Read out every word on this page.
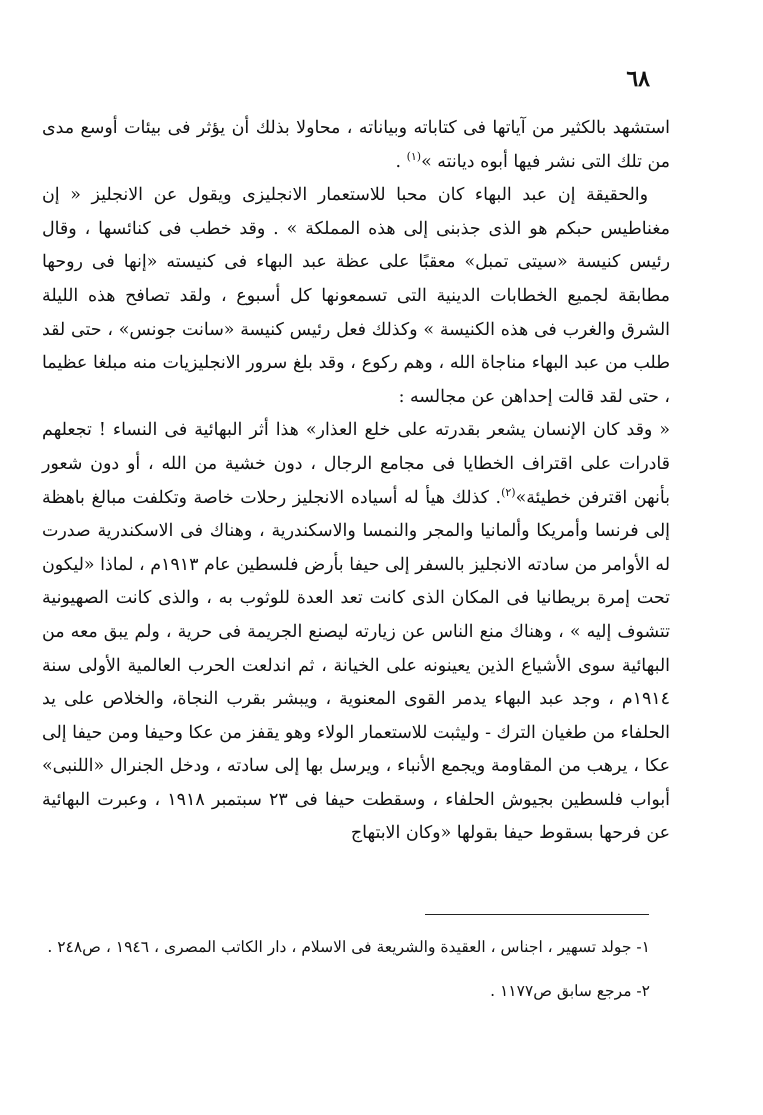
٦٨

استشهد بالكثير من آياتها فى كتاباته وبياناته ، محاولا بذلك أن يؤثر فى بيئات أوسع مدى من تلك التى نشر فيها أبوه ديانته »$^{(١)}$ .

والحقيقة إن عبد البهاء كان محبا للاستعمار الانجليزى ويقول عن الانجليز « إن مغناطيس حبكم هو الذى جذبنى إلى هذه المملكة » . وقد خطب فى كنائسها ، وقال رئيس كنيسة «سيتى تمبل» معقبًا على عظة عبد البهاء فى كنيسته «إنها فى روحها مطابقة لجميع الخطابات الدينية التى تسمعونها كل أسبوع ، ولقد تصافح هذه الليلة الشرق والغرب فى هذه الكنيسة » وكذلك فعل رئيس كنيسة «سانت جونس» ، حتى لقد طلب من عبد البهاء مناجاة الله ، وهم ركوع ، وقد بلغ سرور الانجليزيات منه مبلغا عظيما ، حتى لقد قالت إحداهن عن مجالسه :

« وقد كان الإنسان يشعر بقدرته على خلع العذار» هذا أثر البهائية فى النساء ! تجعلهم قادرات على اقتراف الخطايا فى مجامع الرجال ، دون خشية من الله ، أو دون شعور بأنهن اقترفن خطيئة»$^{(٢)}$. كذلك هيأ له أسياده الانجليز رحلات خاصة وتكلفت مبالغ باهظة إلى فرنسا وأمريكا وألمانيا والمجر والنمسا والاسكندرية ، وهناك فى الاسكندرية صدرت له الأوامر من سادته الانجليز بالسفر إلى حيفا بأرض فلسطين عام ١٩١٣م ، لماذا «ليكون تحت إمرة بريطانيا فى المكان الذى كانت تعد العدة للوثوب به ، والذى كانت الصهيونية تتشوف إليه » ، وهناك منع الناس عن زيارته ليصنع الجريمة فى حرية ، ولم يبق معه من البهائية سوى الأشياع الذين يعينونه على الخيانة ، ثم اندلعت الحرب العالمية الأولى سنة ١٩١٤م ، وجد عبد البهاء يدمر القوى المعنوية ، ويبشر بقرب النجاة، والخلاص على يد الحلفاء من طغيان الترك - وليثبت للاستعمار الولاء وهو يقفز من عكا وحيفا ومن حيفا إلى عكا ، يرهب من المقاومة ويجمع الأنباء ، ويرسل بها إلى سادته ، ودخل الجنرال «اللنبى» أبواب فلسطين بجيوش الحلفاء ، وسقطت حيفا فى ٢٣ سبتمبر ١٩١٨ ، وعبرت البهائية عن فرحها بسقوط حيفا بقولها «وكان الابتهاج

١- جولد تسهير ، اجناس ، العقيدة والشريعة فى الاسلام ، دار الكاتب المصرى ، ١٩٤٦ ، ص٢٤٨ .

٢- مرجع سابق ص١١٧٧ .
